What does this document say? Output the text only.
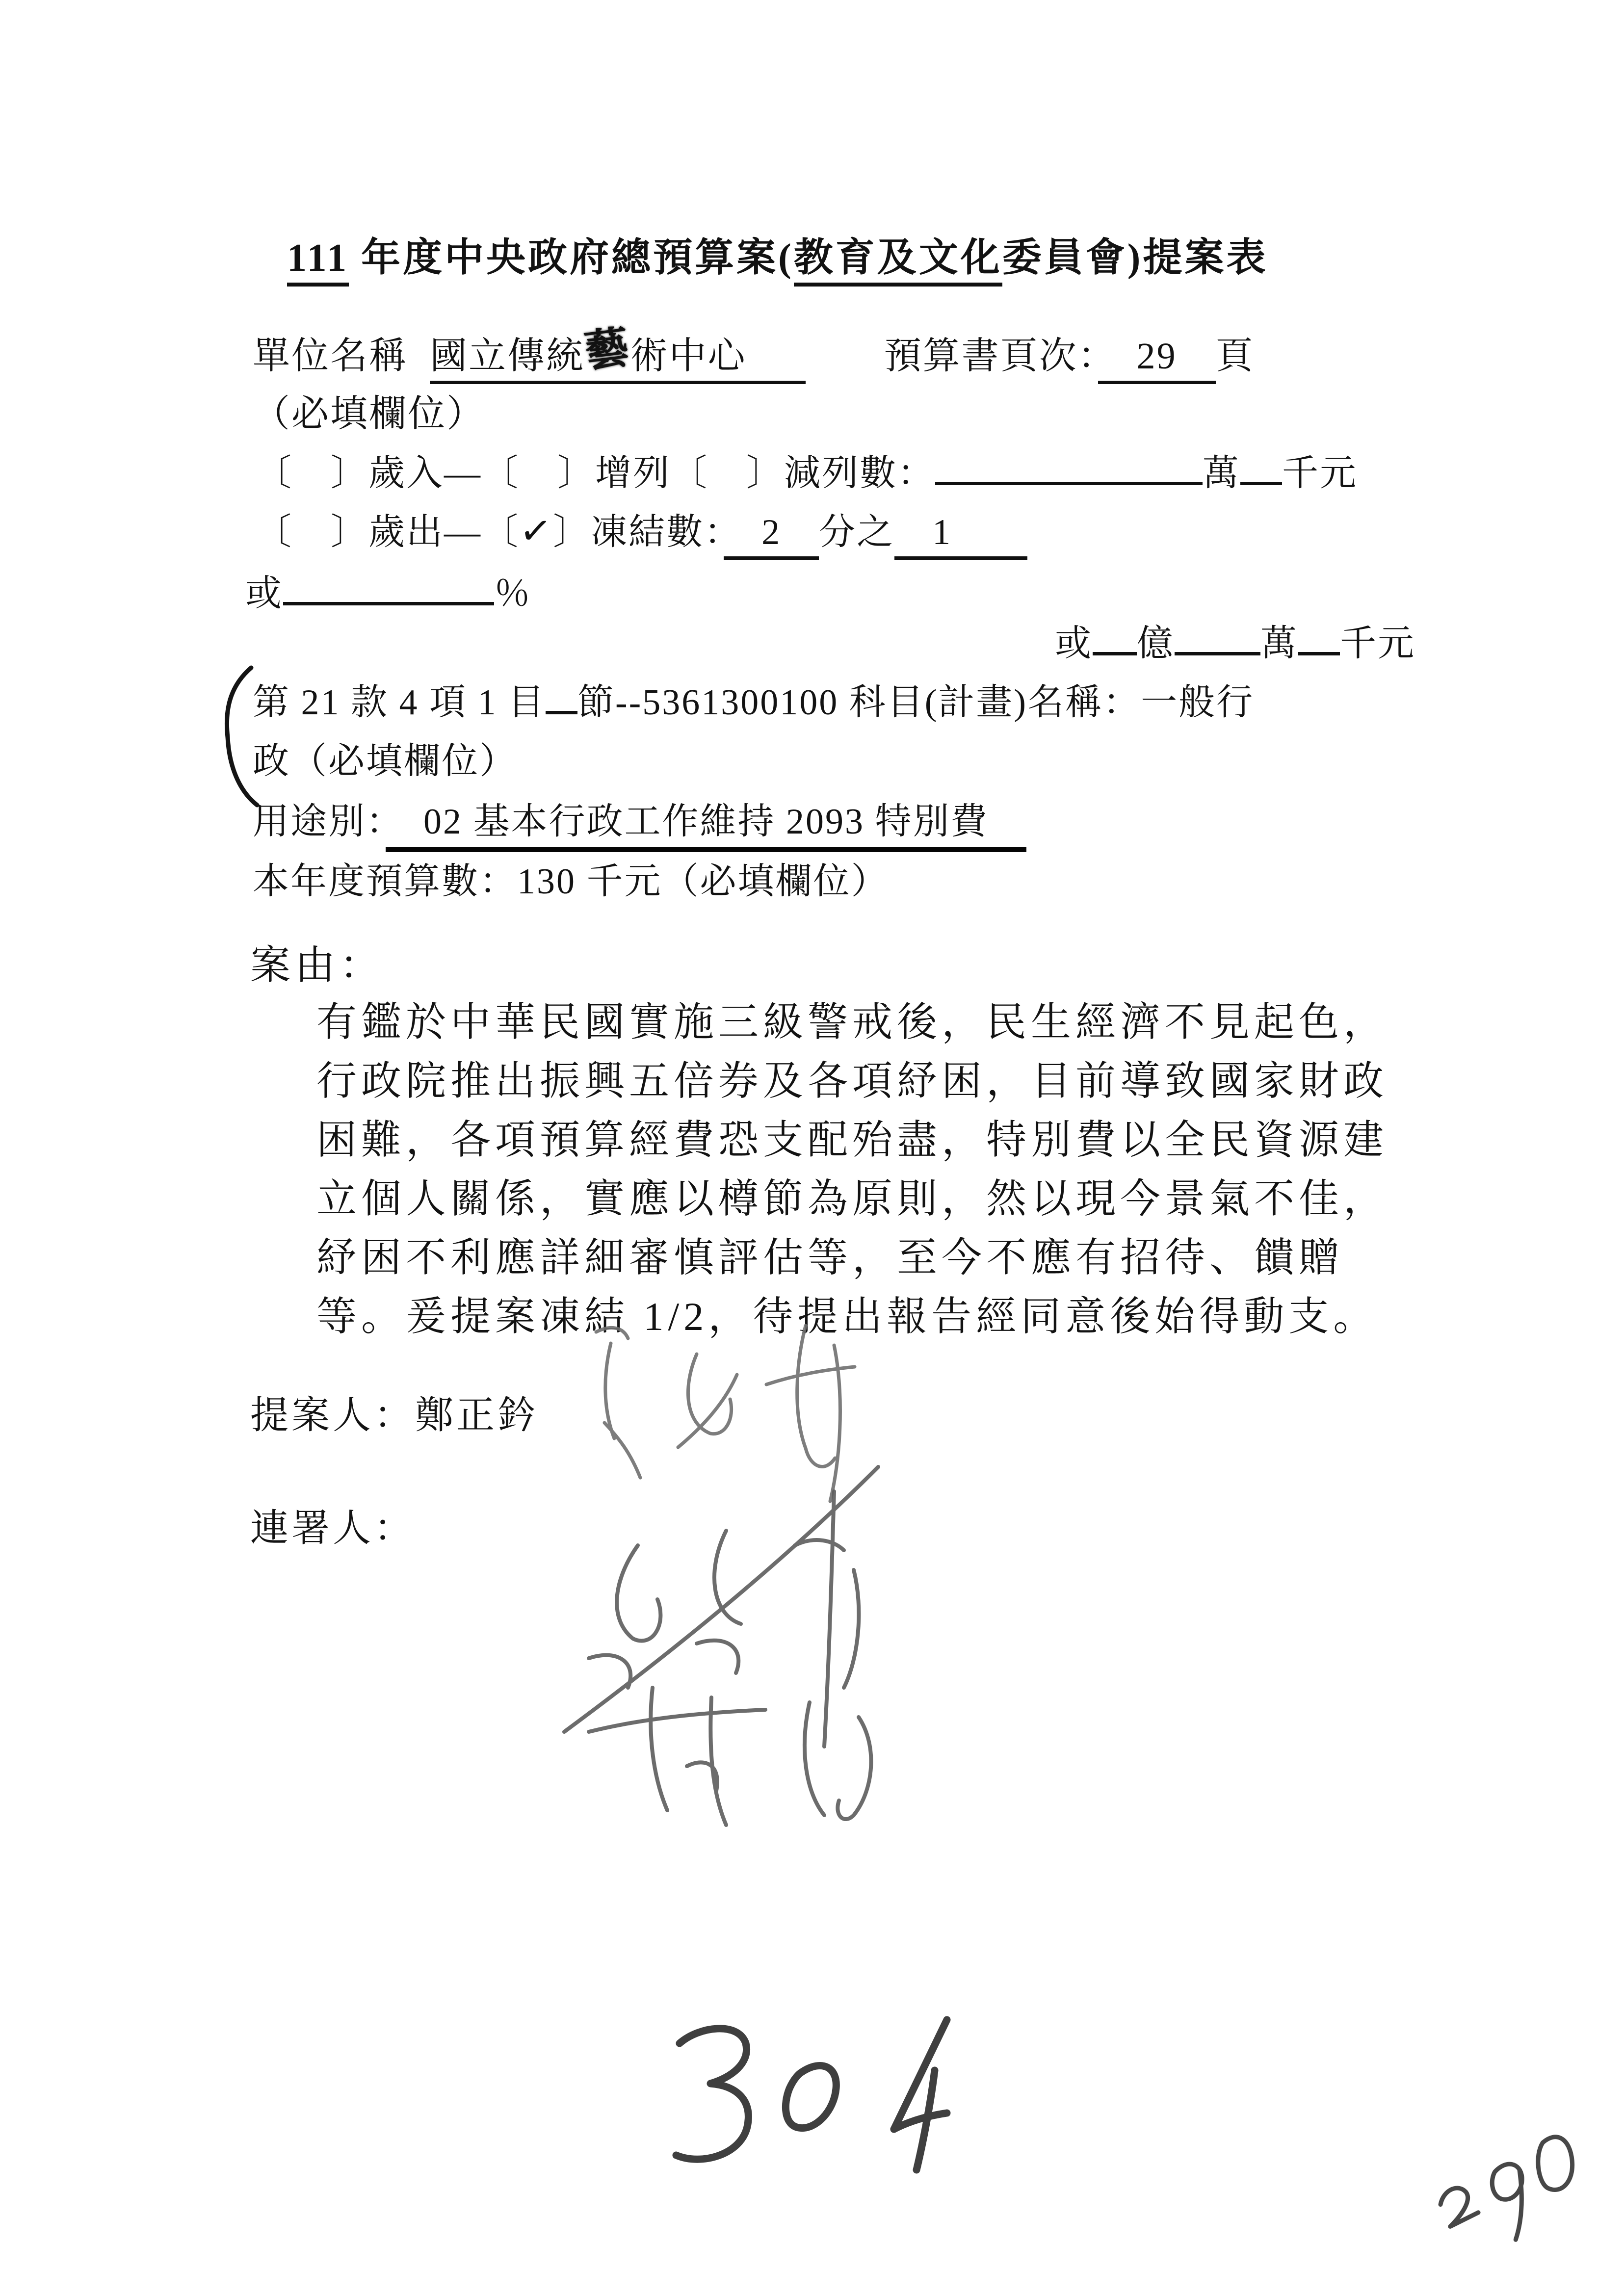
111 年度中央政府總預算案(教育及文化委員會)提案表
單位名稱 國立傳統藝術中心	預算書頁次：　29　頁
（必填欄位）
〔　〕歲入—〔　〕增列〔　〕減列數：	萬 千元
〔　〕歲出—〔✓〕凍結數：　2　分之　1　　
或	％
或 億 萬 千元
第 21 款 4 項 1 目 節--5361300100 科目(計畫)名稱：一般行
政（必填欄位）
用途別：　02 基本行政工作維持 2093 特別費　
本年度預算數：130 千元（必填欄位）
案由：
有鑑於中華民國實施三級警戒後，民生經濟不見起色，
行政院推出振興五倍券及各項紓困，目前導致國家財政
困難，各項預算經費恐支配殆盡，特別費以全民資源建
立個人關係，實應以樽節為原則，然以現今景氣不佳，
紓困不利應詳細審慎評估等，至今不應有招待、饋贈
等。爰提案凍結 1/2，待提出報告經同意後始得動支。
提案人：鄭正鈐
連署人：
